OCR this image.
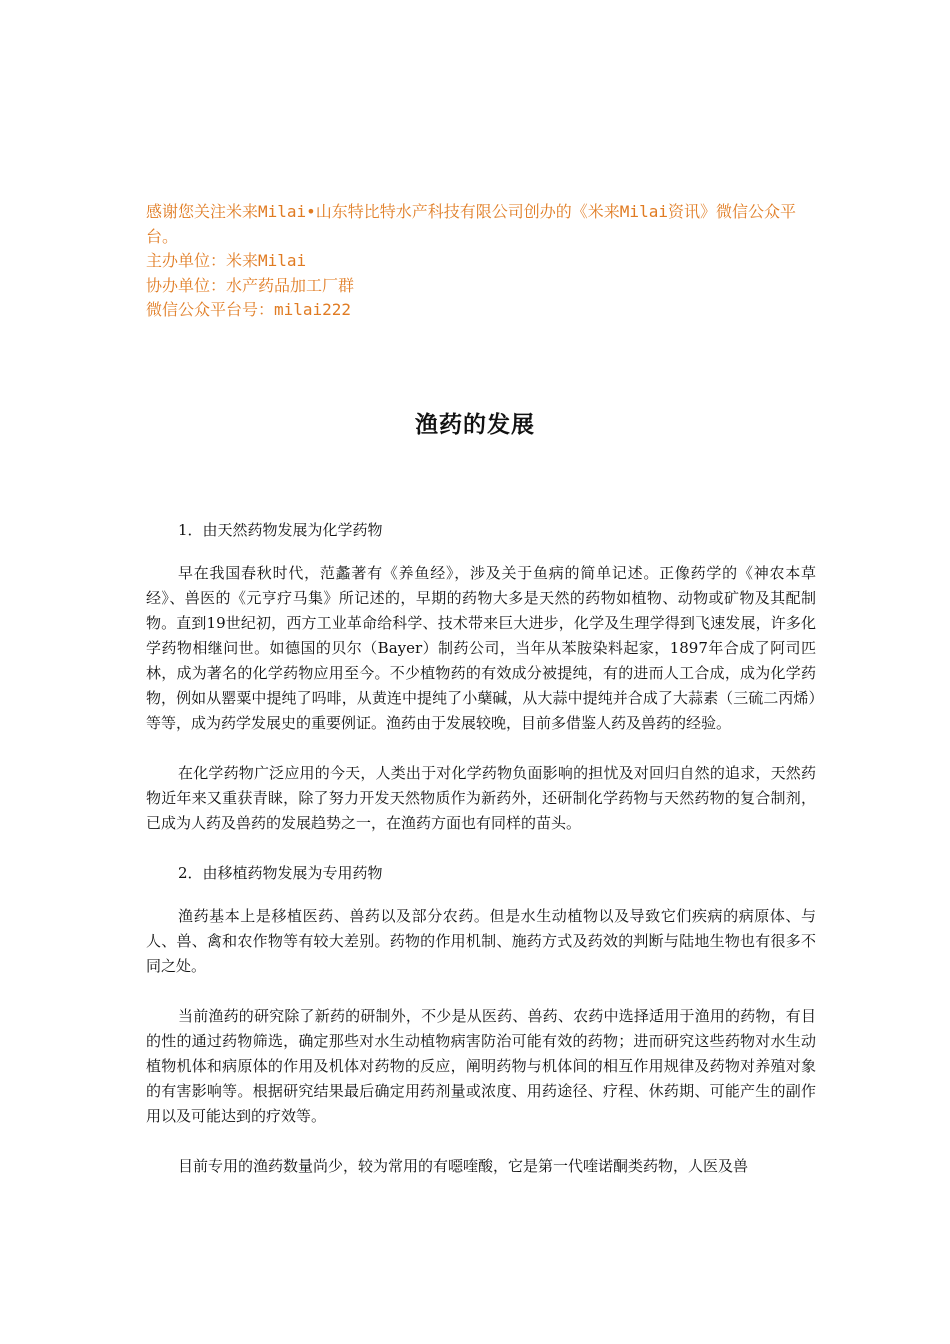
感谢您关注米来Milai•山东特比特水产科技有限公司创办的《米来Milai资讯》微信公众平台。
主办单位：米来Milai
协办单位：水产药品加工厂群
微信公众平台号：milai222
渔药的发展

1．由天然药物发展为化学药物

早在我国春秋时代，范蠡著有《养鱼经》，涉及关于鱼病的简单记述。正像药学的《神农本草经》、兽医的《元亨疗马集》所记述的，早期的药物大多是天然的药物如植物、动物或矿物及其配制物。直到19世纪初，西方工业革命给科学、技术带来巨大进步，化学及生理学得到飞速发展，许多化学药物相继问世。如德国的贝尔（Bayer）制药公司，当年从苯胺染料起家，1897年合成了阿司匹林，成为著名的化学药物应用至今。不少植物药的有效成分被提纯，有的进而人工合成，成为化学药物，例如从罂粟中提纯了吗啡，从黄连中提纯了小蘖碱，从大蒜中提纯并合成了大蒜素（三硫二丙烯）等等，成为药学发展史的重要例证。渔药由于发展较晚，目前多借鉴人药及兽药的经验。

在化学药物广泛应用的今天，人类出于对化学药物负面影响的担忧及对回归自然的追求，天然药物近年来又重获青睐，除了努力开发天然物质作为新药外，还研制化学药物与天然药物的复合制剂，已成为人药及兽药的发展趋势之一，在渔药方面也有同样的苗头。

2．由移植药物发展为专用药物

渔药基本上是移植医药、兽药以及部分农药。但是水生动植物以及导致它们疾病的病原体、与人、兽、禽和农作物等有较大差别。药物的作用机制、施药方式及药效的判断与陆地生物也有很多不同之处。

当前渔药的研究除了新药的研制外，不少是从医药、兽药、农药中选择适用于渔用的药物，有目的性的通过药物筛选，确定那些对水生动植物病害防治可能有效的药物；进而研究这些药物对水生动植物机体和病原体的作用及机体对药物的反应，阐明药物与机体间的相互作用规律及药物对养殖对象的有害影响等。根据研究结果最后确定用药剂量或浓度、用药途径、疗程、休药期、可能产生的副作用以及可能达到的疗效等。

目前专用的渔药数量尚少，较为常用的有噁喹酸，它是第一代喹诺酮类药物，人医及兽
